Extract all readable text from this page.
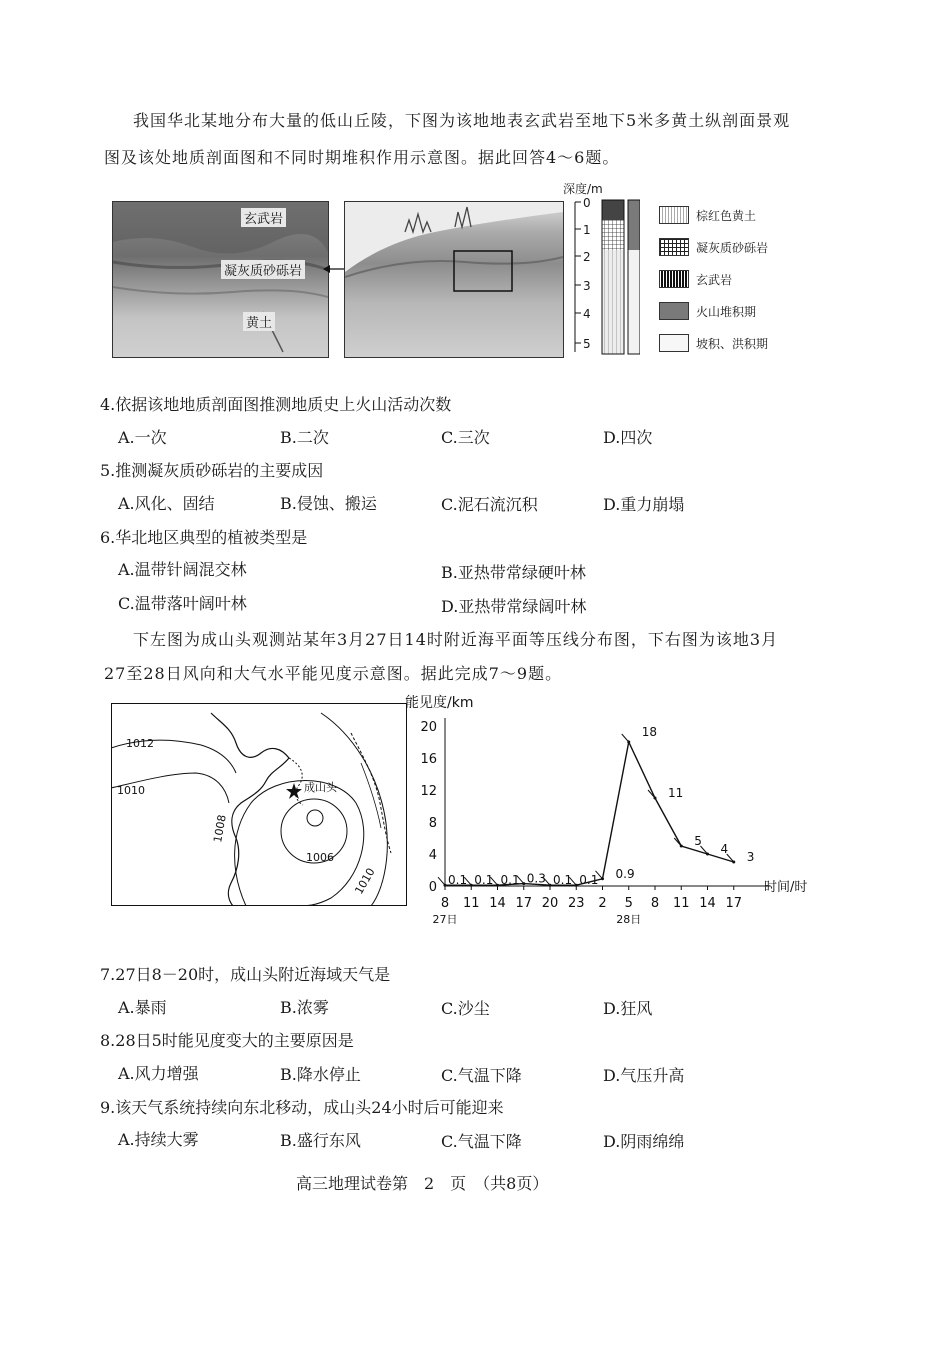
我国华北某地分布大量的低山丘陵，下图为该地地表玄武岩至地下5米多黄土纵剖面景观
图及该处地质剖面图和不同时期堆积作用示意图。据此回答4～6题。
玄武岩
凝灰质砂砾岩
黄土
深度/m
0
1
2
3
4
5
棕红色黄土
凝灰质砂砾岩
玄武岩
火山堆积期
坡积、洪积期
4.依据该地地质剖面图推测地质史上火山活动次数
A.一次	B.二次	C.三次	D.四次
5.推测凝灰质砂砾岩的主要成因
A.风化、固结	B.侵蚀、搬运	C.泥石流沉积	D.重力崩塌
6.华北地区典型的植被类型是
A.温带针阔混交林	B.亚热带常绿硬叶林
C.温带落叶阔叶林	D.亚热带常绿阔叶林
下左图为成山头观测站某年3月27日14时附近海平面等压线分布图，下右图为该地3月
27至28日风向和大气水平能见度示意图。据此完成7～9题。
1012
1010
1008
1006
1010
成山头
能见度/km
时间/时
0
4
8
12
16
20
8 11 14 17 20 23 2 5 8 11 14 17
27日	28日
0.1 0.1 0.1 0.3 0.1 0.1 0.9
18
11
5
4
3
7.27日8－20时，成山头附近海域天气是
A.暴雨	B.浓雾	C.沙尘	D.狂风
8.28日5时能见度变大的主要原因是
A.风力增强	B.降水停止	C.气温下降	D.气压升高
9.该天气系统持续向东北移动，成山头24小时后可能迎来
A.持续大雾	B.盛行东风	C.气温下降	D.阴雨绵绵
高三地理试卷第　2　页　（共8页）
